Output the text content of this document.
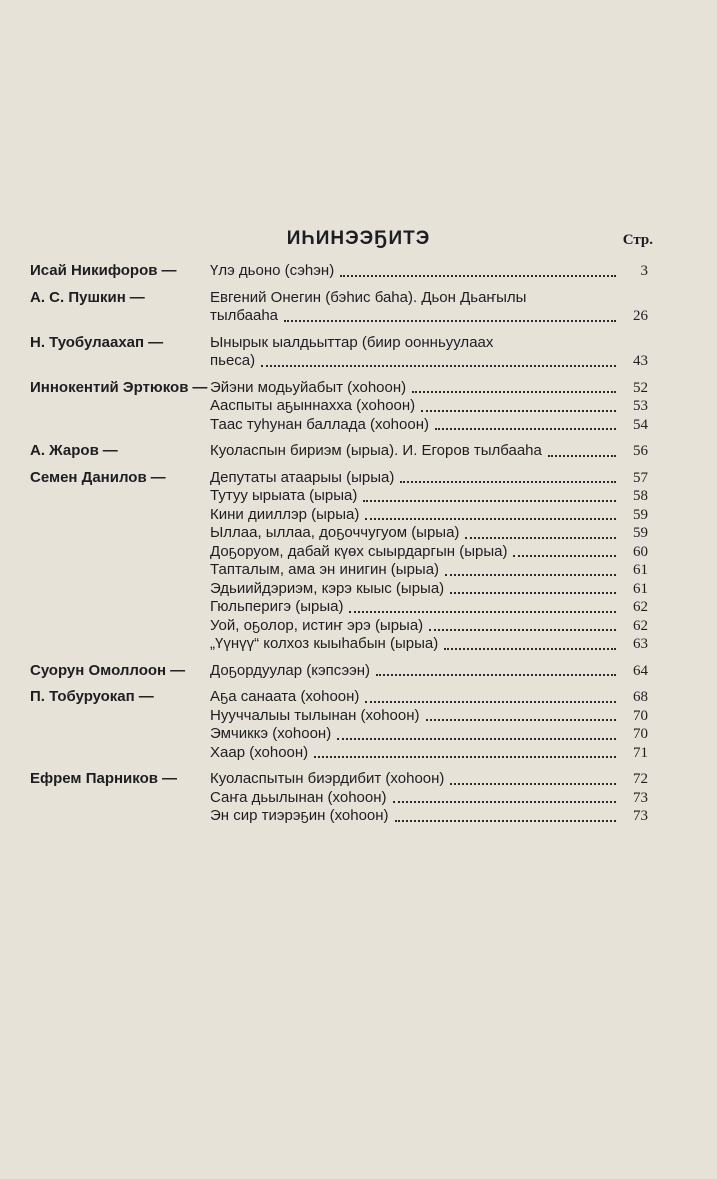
ИҺИНЭЭҔИТЭ	Стр.
Исай Никифоров — Үлэ дьоно (сэһэн)	3
А. С. Пушкин —	Евгений Онегин (бэһис баһа). Дьон Дьаҥылы
тылбааһа	26
Н. Туобулаахап —	Ынырык ыалдьыттар (биир оонньуулаах
пьеса)	43
Иннокентий Эртюков — Эйэни модьуйабыт (хоһоон)	52
Аaспыты аҕыннахха (хоһоон)	53
Таас туһунан баллада (хоһоон)	54
А. Жаров —	Куоласпын бириэм (ырыа). И. Егоров тылбааһа	56
Семен Данилов —	Депутаты атаарыы (ырыа)	57
Тутуу ырыата (ырыа)	58
Кини дииллэр (ырыа)	59
Ыллаа, ыллаа, доҕоччугуом (ырыа)	59
Доҕоруом, дабай күөх сыырдаргын (ырыа)	60
Тапталым, ама эн инигин (ырыа)	61
Эдьиийдэриэм, кэрэ кыыс (ырыа)	61
Гюльперигэ (ырыа)	62
Уой, оҕолор, истиҥ эрэ (ырыа)	62
„Үүнүү“ колхоз кыыһабын (ырыа)	63
Суорун Омоллоон — Доҕордуулар (кэпсээн)	64
П. Тобуруокап —	Аҕа санаата (хоһоон)	68
Нууччалыы тылынан (хоһоон)	70
Эмчиккэ (хоһоон)	70
Хаар (хоһоон)	71
Ефрем Парников — Куоласпытын биэрдибит (хоһоон)	72
Саҥа дьылынан (хоһоон)	73
Эн сир тиэрэҕин (хоһоон)	73
